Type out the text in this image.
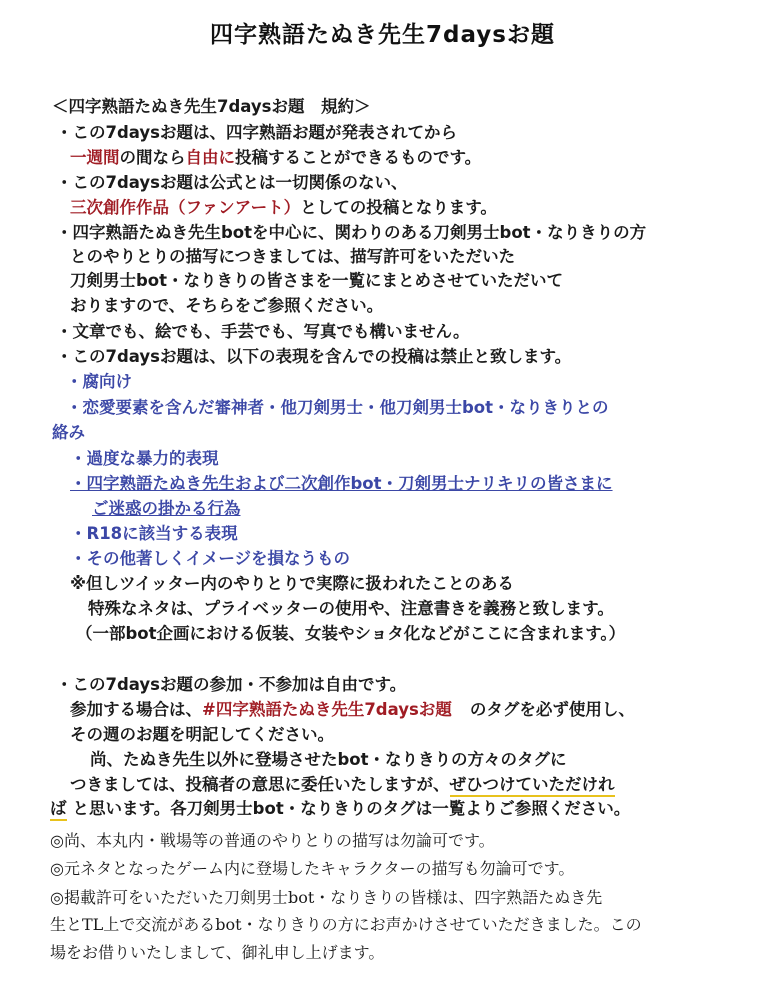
四字熟語たぬき先生7daysお題
＜四字熟語たぬき先生7daysお題　規約＞
・この7daysお題は、四字熟語お題が発表されてから
一週間の間なら自由に投稿することができるものです。
・この7daysお題は公式とは一切関係のない、
三次創作作品（ファンアート）としての投稿となります。
・四字熟語たぬき先生botを中心に、関わりのある刀剣男士bot・なりきりの方
とのやりとりの描写につきましては、描写許可をいただいた
刀剣男士bot・なりきりの皆さまを一覧にまとめさせていただいて
おりますので、そちらをご参照ください。
・文章でも、絵でも、手芸でも、写真でも構いません。
・この7daysお題は、以下の表現を含んでの投稿は禁止と致します。
・腐向け
・恋愛要素を含んだ審神者・他刀剣男士・他刀剣男士bot・なりきりとの
絡み
・過度な暴力的表現
・四字熟語たぬき先生および二次創作bot・刀剣男士ナリキリの皆さまに
ご迷惑の掛かる行為
・R18に該当する表現
・その他著しくイメージを損なうもの
※但しツイッター内のやりとりで実際に扱われたことのある
特殊なネタは、プライベッターの使用や、注意書きを義務と致します。
（一部bot企画における仮装、女装やショタ化などがここに含まれます。）
・この7daysお題の参加・不参加は自由です。
参加する場合は、#四字熟語たぬき先生7daysお題 のタグを必ず使用し、
その週のお題を明記してください。
尚、たぬき先生以外に登場させたbot・なりきりの方々のタグに
つきましては、投稿者の意思に委任いたしますが、ぜひつけていただけれ
ば と思います。各刀剣男士bot・なりきりのタグは一覧よりご参照ください。
◎尚、本丸内・戦場等の普通のやりとりの描写は勿論可です。
◎元ネタとなったゲーム内に登場したキャラクターの描写も勿論可です。
◎掲載許可をいただいた刀剣男士bot・なりきりの皆様は、四字熟語たぬき先
生とTL上で交流があるbot・なりきりの方にお声かけさせていただきました。この
場をお借りいたしまして、御礼申し上げます。
